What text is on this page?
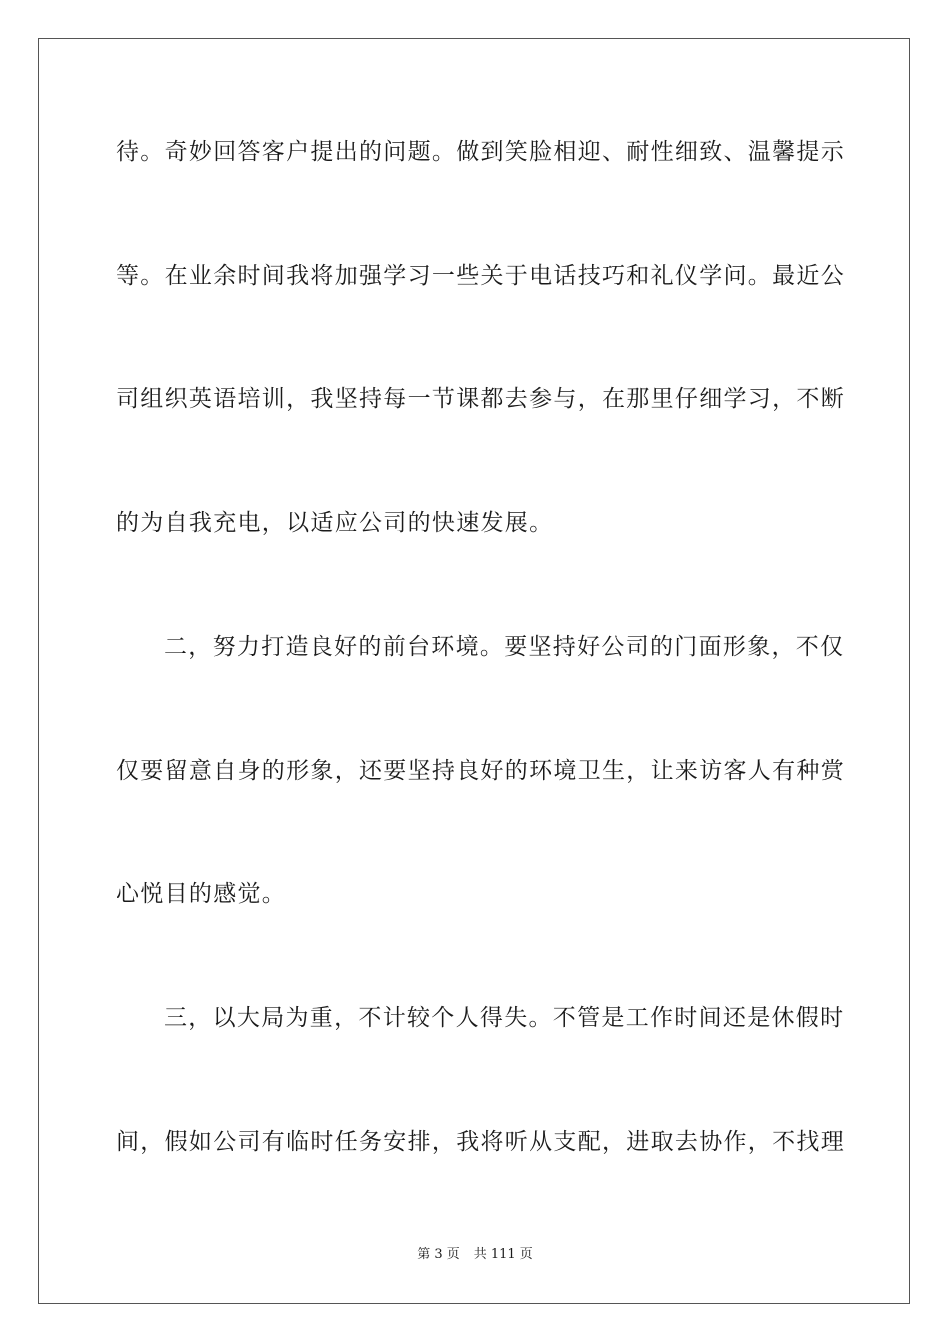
待。奇妙回答客户提出的问题。做到笑脸相迎、耐性细致、温馨提示
等。在业余时间我将加强学习一些关于电话技巧和礼仪学问。最近公
司组织英语培训，我坚持每一节课都去参与，在那里仔细学习，不断
的为自我充电，以适应公司的快速发展。
二，努力打造良好的前台环境。要坚持好公司的门面形象，不仅
仅要留意自身的形象，还要坚持良好的环境卫生，让来访客人有种赏
心悦目的感觉。
三，以大局为重，不计较个人得失。不管是工作时间还是休假时
间，假如公司有临时任务安排，我将听从支配，进取去协作，不找理
第 3 页 共 111 页
